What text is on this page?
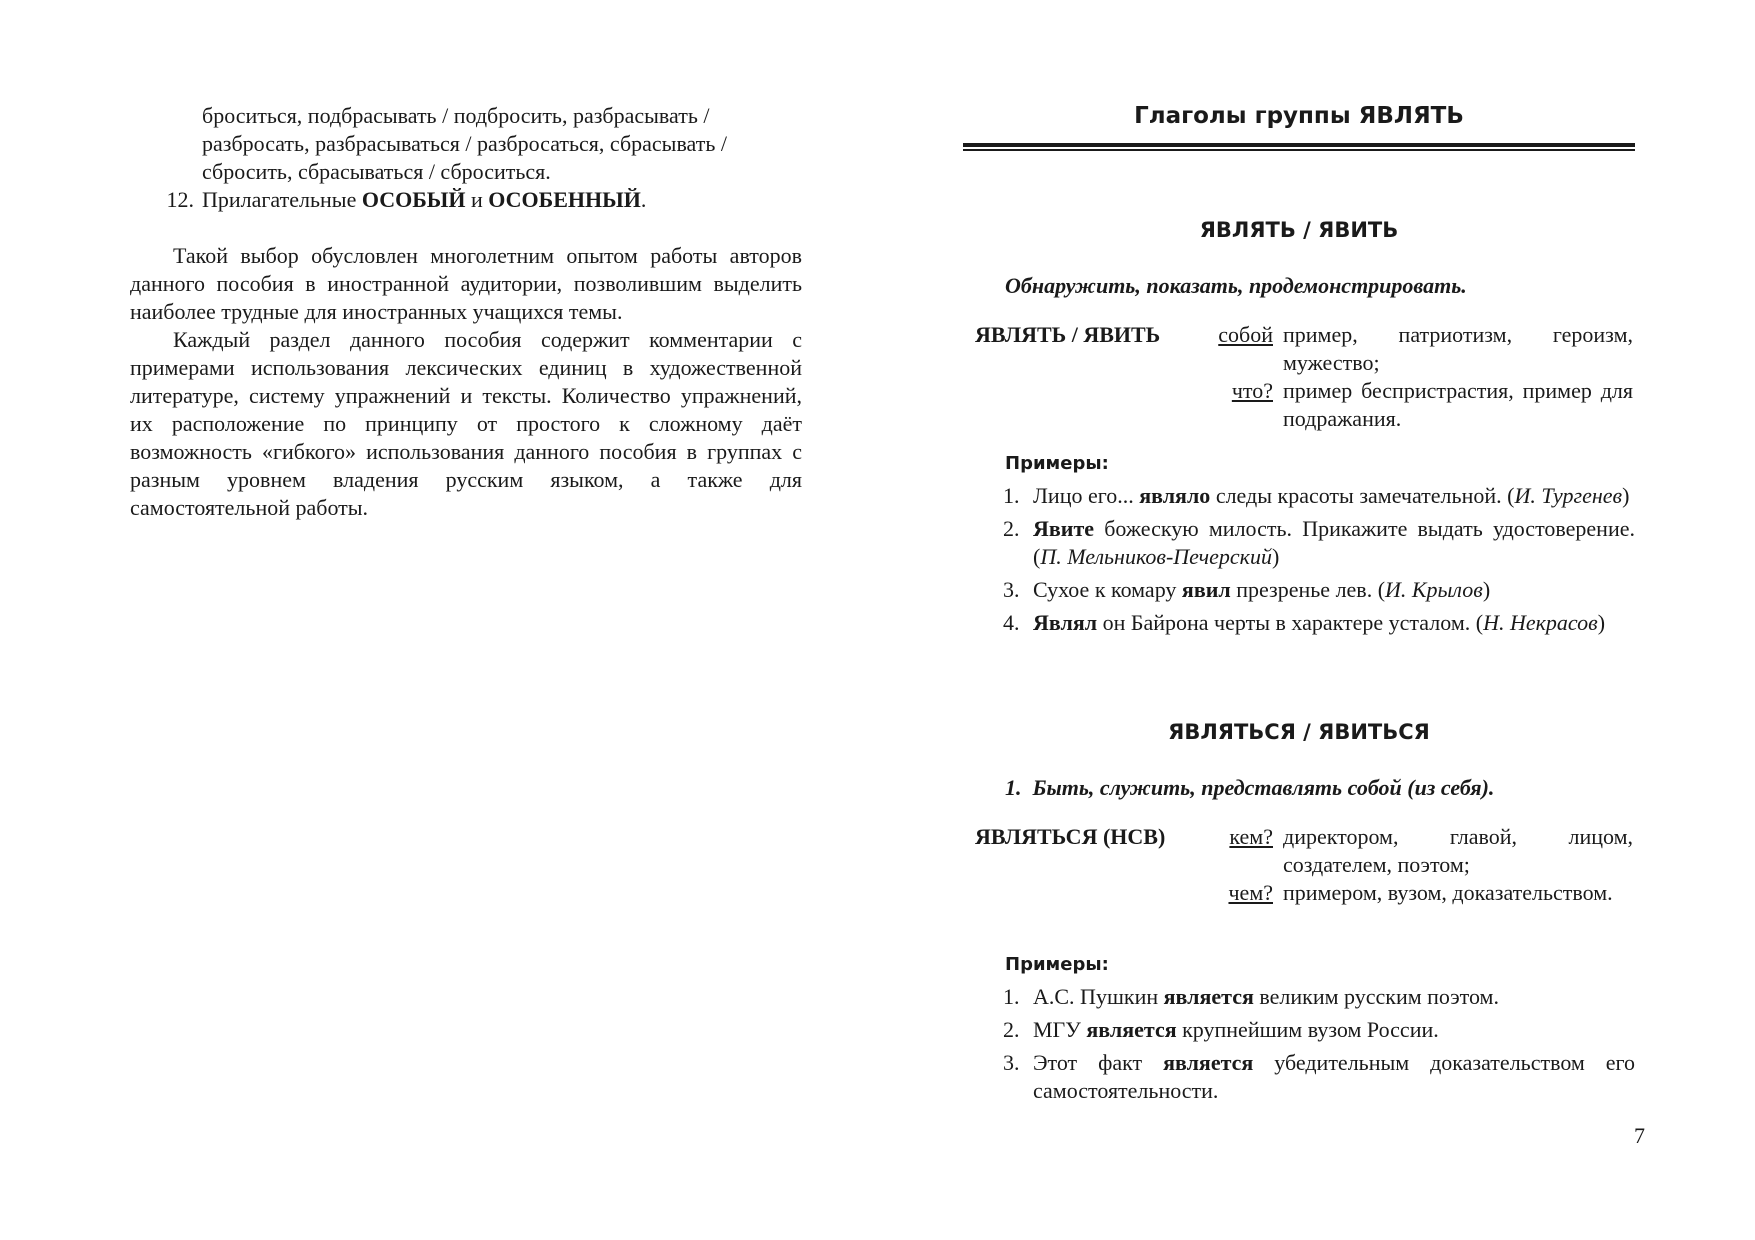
броситься, подбрасывать / подбросить, разбрасывать /
разбросать, разбрасываться / разбросаться, сбрасывать /
сбросить, сбрасываться / сброситься.
12. Прилагательные ОСОБЫЙ и ОСОБЕННЫЙ.

Такой выбор обусловлен многолетним опытом работы авторов данного пособия в иностранной аудитории, позволившим выделить наиболее трудные для иностранных учащихся темы.

Каждый раздел данного пособия содержит комментарии с примерами использования лексических единиц в художественной литературе, систему упражнений и тексты. Количество упражнений, их расположение по принципу от простого к сложному даёт возможность «гибкого» использования данного пособия в группах с разным уровнем владения русским языком, а также для самостоятельной работы.

Глаголы группы ЯВЛЯТЬ
ЯВЛЯТЬ / ЯВИТЬ
Обнаружить, показать, продемонстрировать.
ЯВЛЯТЬ / ЯВИТЬ	собой пример, патриотизм, героизм, мужество;
что? пример беспристрастия, пример для подражания.
Примеры:
1. Лицо его... являло следы красоты замечательной. (И. Тургенев)
2. Явите божескую милость. Прикажите выдать удостоверение. (П. Мельников-Печерский)
3. Сухое к комару явил презренье лев. (И. Крылов)
4. Являл он Байрона черты в характере усталом. (Н. Некрасов)
ЯВЛЯТЬСЯ / ЯВИТЬСЯ
1.  Быть, служить, представлять собой (из себя).
ЯВЛЯТЬСЯ (НСВ)	кем? директором, главой, лицом, создателем, поэтом;
чем? примером, вузом, доказательством.
Примеры:
1. А.С. Пушкин является великим русским поэтом.
2. МГУ является крупнейшим вузом России.
3. Этот факт является убедительным доказательством его самостоятельности.
7
